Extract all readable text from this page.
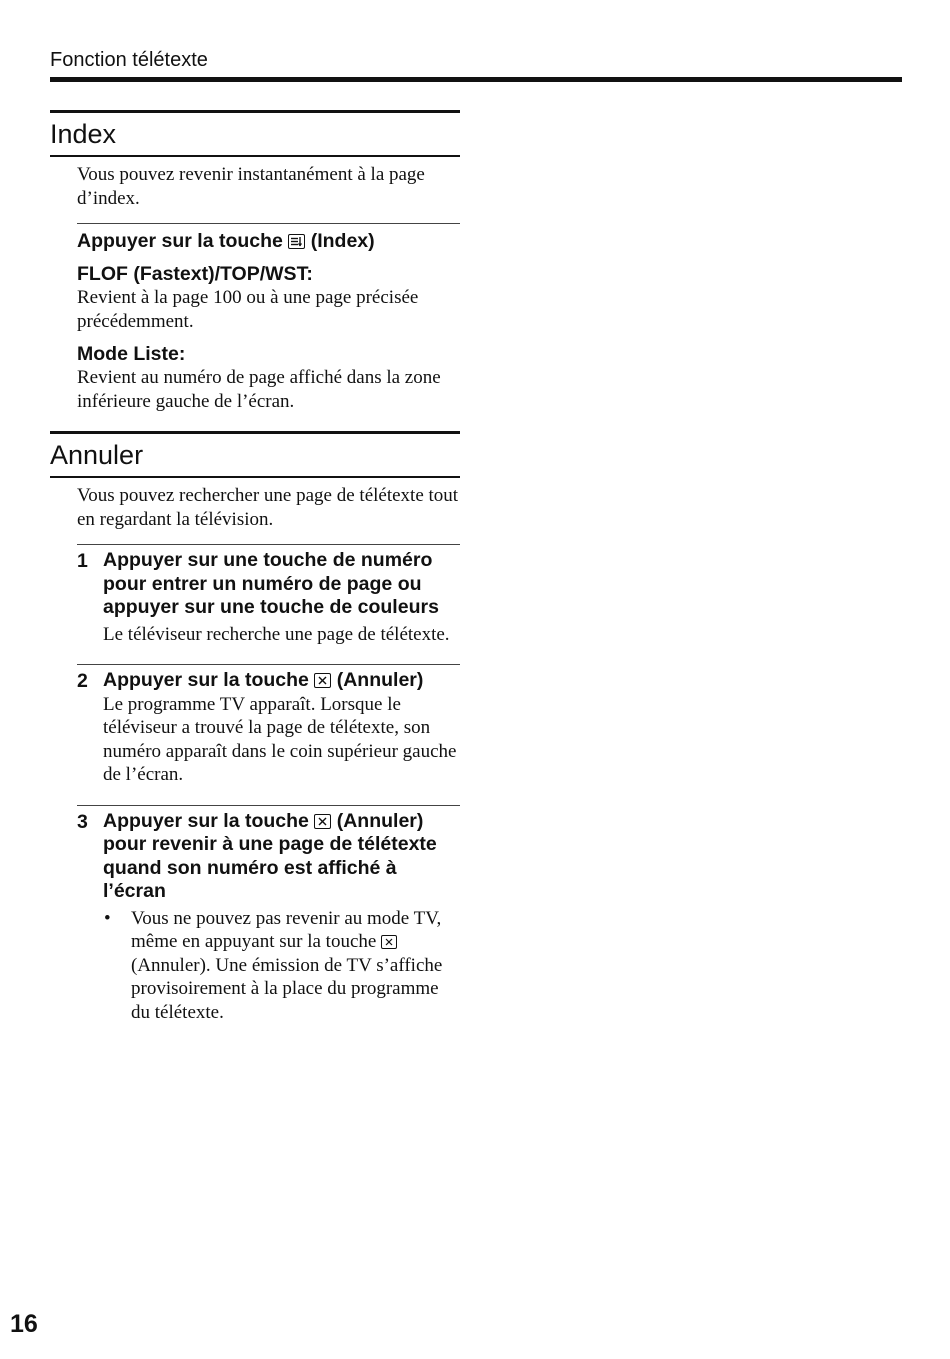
Fonction télétexte
Index
Vous pouvez revenir instantanément à la page d’index.
Appuyer sur la touche
(Index)
FLOF (Fastext)/TOP/WST:
Revient à la page 100 ou à une page précisée précédemment.
Mode Liste:
Revient au numéro de page affiché dans la zone inférieure gauche de l’écran.
Annuler
Vous pouvez rechercher une page de télétexte tout en regardant la télévision.
1 Appuyer sur une touche de numéro pour entrer un numéro de page ou appuyer sur une touche de couleurs
Le téléviseur recherche une page de télétexte.
2 Appuyer sur la touche
(Annuler)
Le programme TV apparaît. Lorsque le téléviseur a trouvé la page de télétexte, son numéro apparaît dans le coin supérieur gauche de l’écran.
3 Appuyer sur la touche
(Annuler) pour revenir à une page de télétexte quand son numéro est affiché à l’écran
• Vous ne pouvez pas revenir au mode TV, même en appuyant sur la touche
(Annuler). Une émission de TV s’affiche provisoirement à la place du programme du télétexte.
16
